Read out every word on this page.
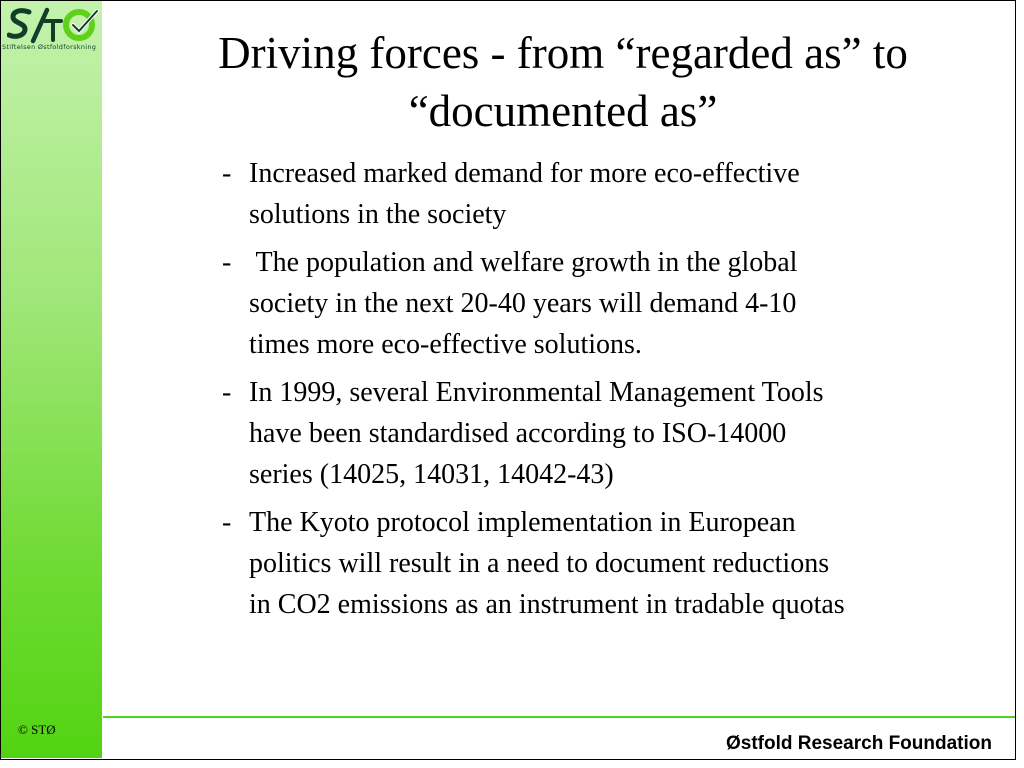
Stiftelsen Østfoldforskning
© STØ
Driving forces - from “regarded as” to
“documented as”
- Increased marked demand for more eco-effective
solutions in the society
- The population and welfare growth in the global
society in the next 20-40 years will demand 4-10
times more eco-effective solutions.
- In 1999, several Environmental Management Tools
have been standardised according to ISO-14000
series (14025, 14031, 14042-43)
- The Kyoto protocol implementation in European
politics will result in a need to document reductions
in CO2 emissions as an instrument in tradable quotas
Østfold Research Foundation
